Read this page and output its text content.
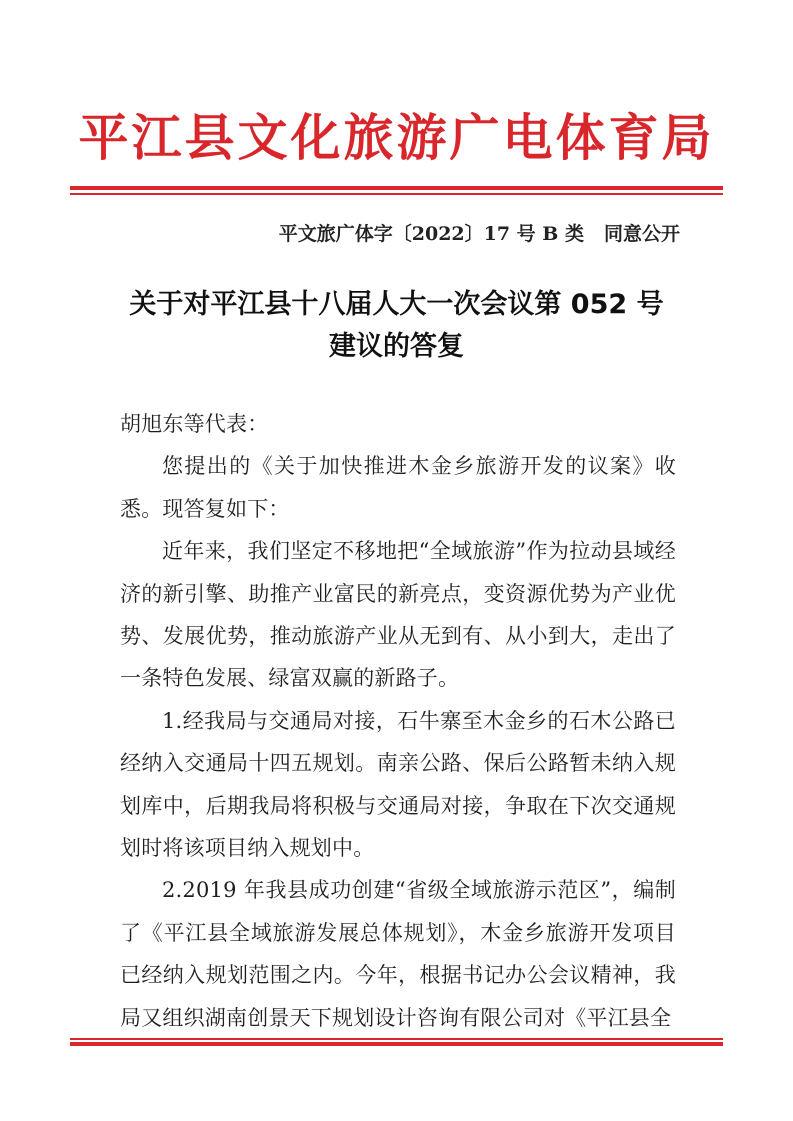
平江县文化旅游广电体育局
平文旅广体字〔2022〕17 号 B 类 同意公开
关于对平江县十八届人大一次会议第 052 号
建议的答复

胡旭东等代表：

您提出的《关于加快推进木金乡旅游开发的议案》收悉。现答复如下：

近年来，我们坚定不移地把“全域旅游”作为拉动县域经济的新引擎、助推产业富民的新亮点，变资源优势为产业优势、发展优势，推动旅游产业从无到有、从小到大，走出了一条特色发展、绿富双赢的新路子。

1.经我局与交通局对接，石牛寨至木金乡的石木公路已经纳入交通局十四五规划。南亲公路、保后公路暂未纳入规划库中，后期我局将积极与交通局对接，争取在下次交通规划时将该项目纳入规划中。

2.2019 年我县成功创建“省级全域旅游示范区”，编制了《平江县全域旅游发展总体规划》，木金乡旅游开发项目已经纳入规划范围之内。今年，根据书记办公会议精神，我局又组织湖南创景天下规划设计咨询有限公司对《平江县全
